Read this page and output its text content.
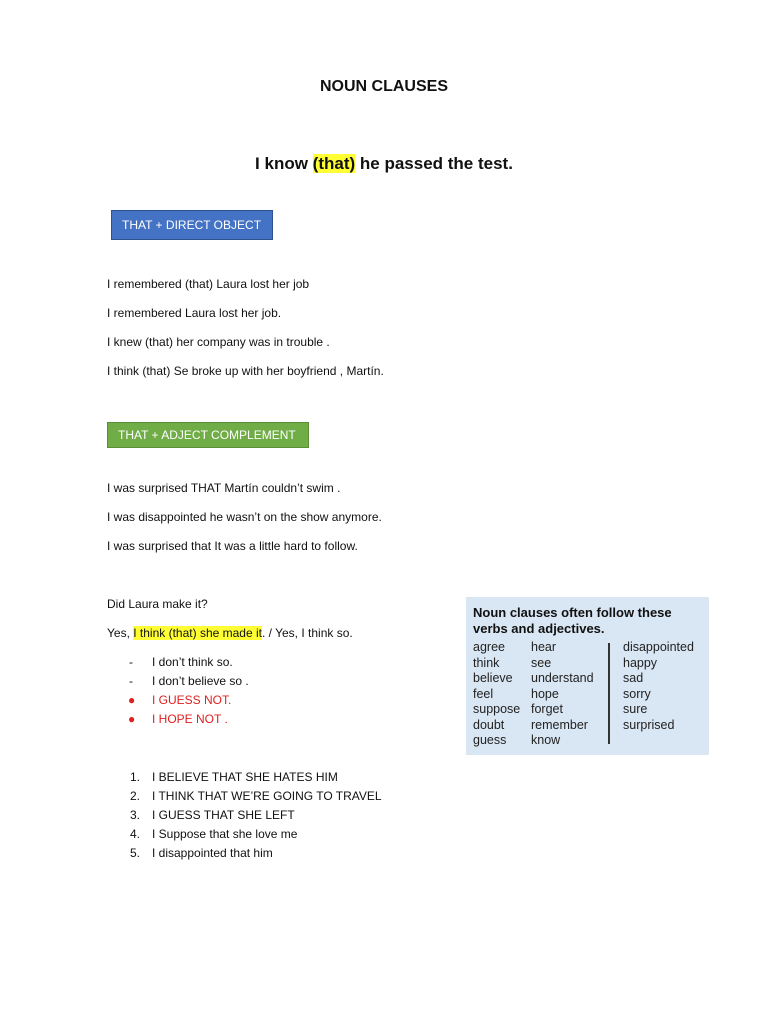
NOUN CLAUSES
I know (that) he passed the test.
THAT + DIRECT OBJECT
I remembered (that) Laura lost her job
I remembered Laura lost her job.
I knew (that) her company was in trouble .
I think (that) Se broke up with her boyfriend , Martín.
THAT + ADJECT COMPLEMENT
I was surprised THAT Martín couldn’t swim .
I was disappointed he wasn’t on the show anymore.
I was surprised that It was a little hard to follow.
Did Laura make it?
Yes, I think (that) she made it. / Yes, I think so.
- I don’t think so.
- I don’t believe so .
● I GUESS NOT.
● I HOPE NOT .
1. I BELIEVE THAT SHE HATES HIM
2. I THINK THAT WE’RE GOING TO TRAVEL
3. I GUESS THAT SHE LEFT
4. I Suppose that she love me
5. I disappointed that him
Noun clauses often follow these
verbs and adjectives.
agree
think
believe
feel
suppose
doubt
guess
hear
see
understand
hope
forget
remember
know
disappointed
happy
sad
sorry
sure
surprised
